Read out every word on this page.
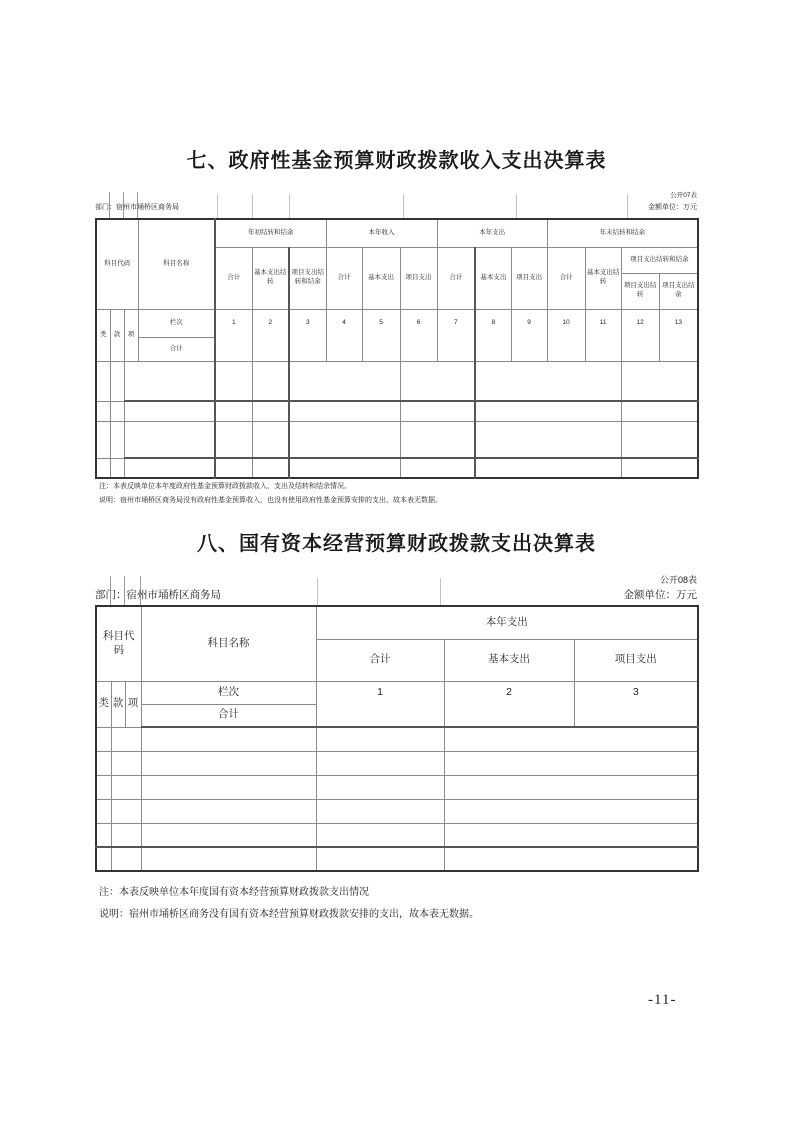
七、政府性基金预算财政拨款收入支出决算表
公开07表
部门：宿州市埇桥区商务局	金额单位：万元
科目代码			科目名称	年初结转和结余			本年收入			本年支出			年末结转和结余			
				合计	基本支出结转	项目支出结转和结余	合计	基本支出	项目支出	合计	基本支出	项目支出	合计	基本支出结转	项目支出结转和结余	
															项目支出结转	项目支出结余
类	款	项	栏次	1	2	3	4	5	6	7	8	9	10	11	12	13
			合计													

注：本表反映单位本年度政府性基金预算财政拨款收入、支出及结转和结余情况。
说明：宿州市埇桥区商务局没有政府性基金预算收入，也没有使用政府性基金预算安排的支出，故本表无数据。
八、国有资本经营预算财政拨款支出决算表
公开08表
部门：宿州市埇桥区商务局	金额单位：万元
科目代码			科目名称	本年支出		
				合计	基本支出	项目支出
类	款	项	栏次	1	2	3
			合计			

注：本表反映单位本年度国有资本经营预算财政拨款支出情况
说明：宿州市埇桥区商务没有国有资本经营预算财政拨款安排的支出，故本表无数据。
-11-
